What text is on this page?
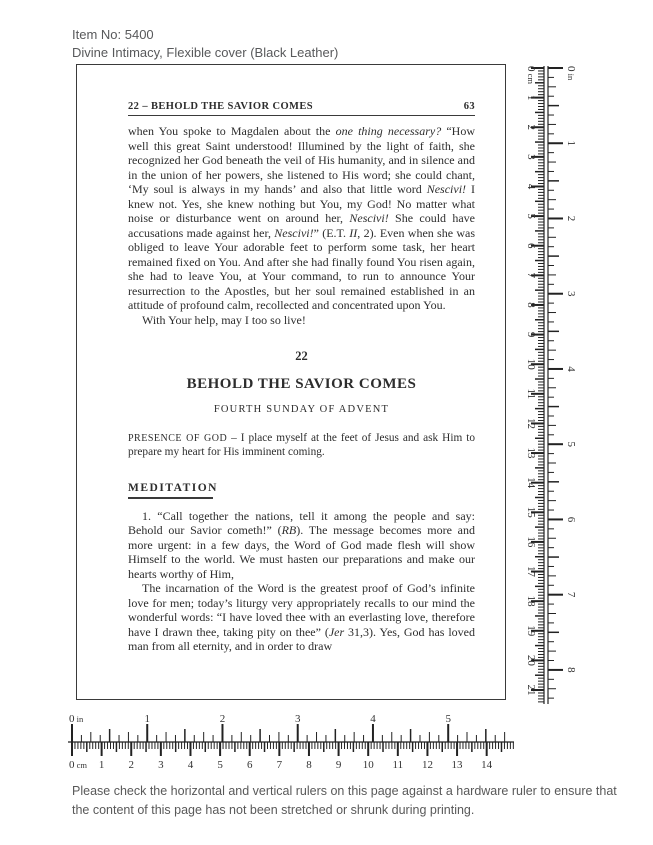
Item No: 5400
Divine Intimacy, Flexible cover (Black Leather)
22 – BEHOLD THE SAVIOR COMES	63

when You spoke to Magdalen about the one thing necessary? “How well this great Saint understood! Illumined by the light of faith, she recognized her God beneath the veil of His humanity, and in silence and in the union of her powers, she listened to His word; she could chant, ‘My soul is always in my hands’ and also that little word Nescivi! I knew not. Yes, she knew nothing but You, my God! No matter what noise or disturbance went on around her, Nescivi! She could have accusations made against her, Nescivi!” (E.T. II, 2). Even when she was obliged to leave Your adorable feet to perform some task, her heart remained fixed on You. And after she had finally found You risen again, she had to leave You, at Your command, to run to announce Your resurrection to the Apostles, but her soul remained established in an attitude of profound calm, recollected and concentrated upon You.

With Your help, may I too so live!

22
BEHOLD THE SAVIOR COMES
FOURTH SUNDAY OF ADVENT
PRESENCE OF GOD – I place myself at the feet of Jesus and ask Him to prepare my heart for His imminent coming.
MEDITATION

1. “Call together the nations, tell it among the people and say: Behold our Savior cometh!” (RB). The message becomes more and more urgent: in a few days, the Word of God made flesh will show Himself to the world. We must hasten our preparations and make our hearts worthy of Him,

The incarnation of the Word is the greatest proof of God’s infinite love for men; today’s liturgy very appropriately recalls to our mind the wonderful words: “I have loved thee with an everlasting love, therefore have I drawn thee, taking pity on thee” (Jer 31,3). Yes, God has loved man from all eternity, and in order to draw

0 in	1	2	3	4	5
0 cm 1 2 3 4 5 6 7 8 9 10 11 12 13 14
0 cm
1
2
3
4
5
6
7
8
9
10
11
12
13
14
15
16
17
18
19
20
21
0 in
1
2
3
4
5
6
7
8
Please check the horizontal and vertical rulers on this page against a hardware ruler to ensure that
the content of this page has not been stretched or shrunk during printing.
